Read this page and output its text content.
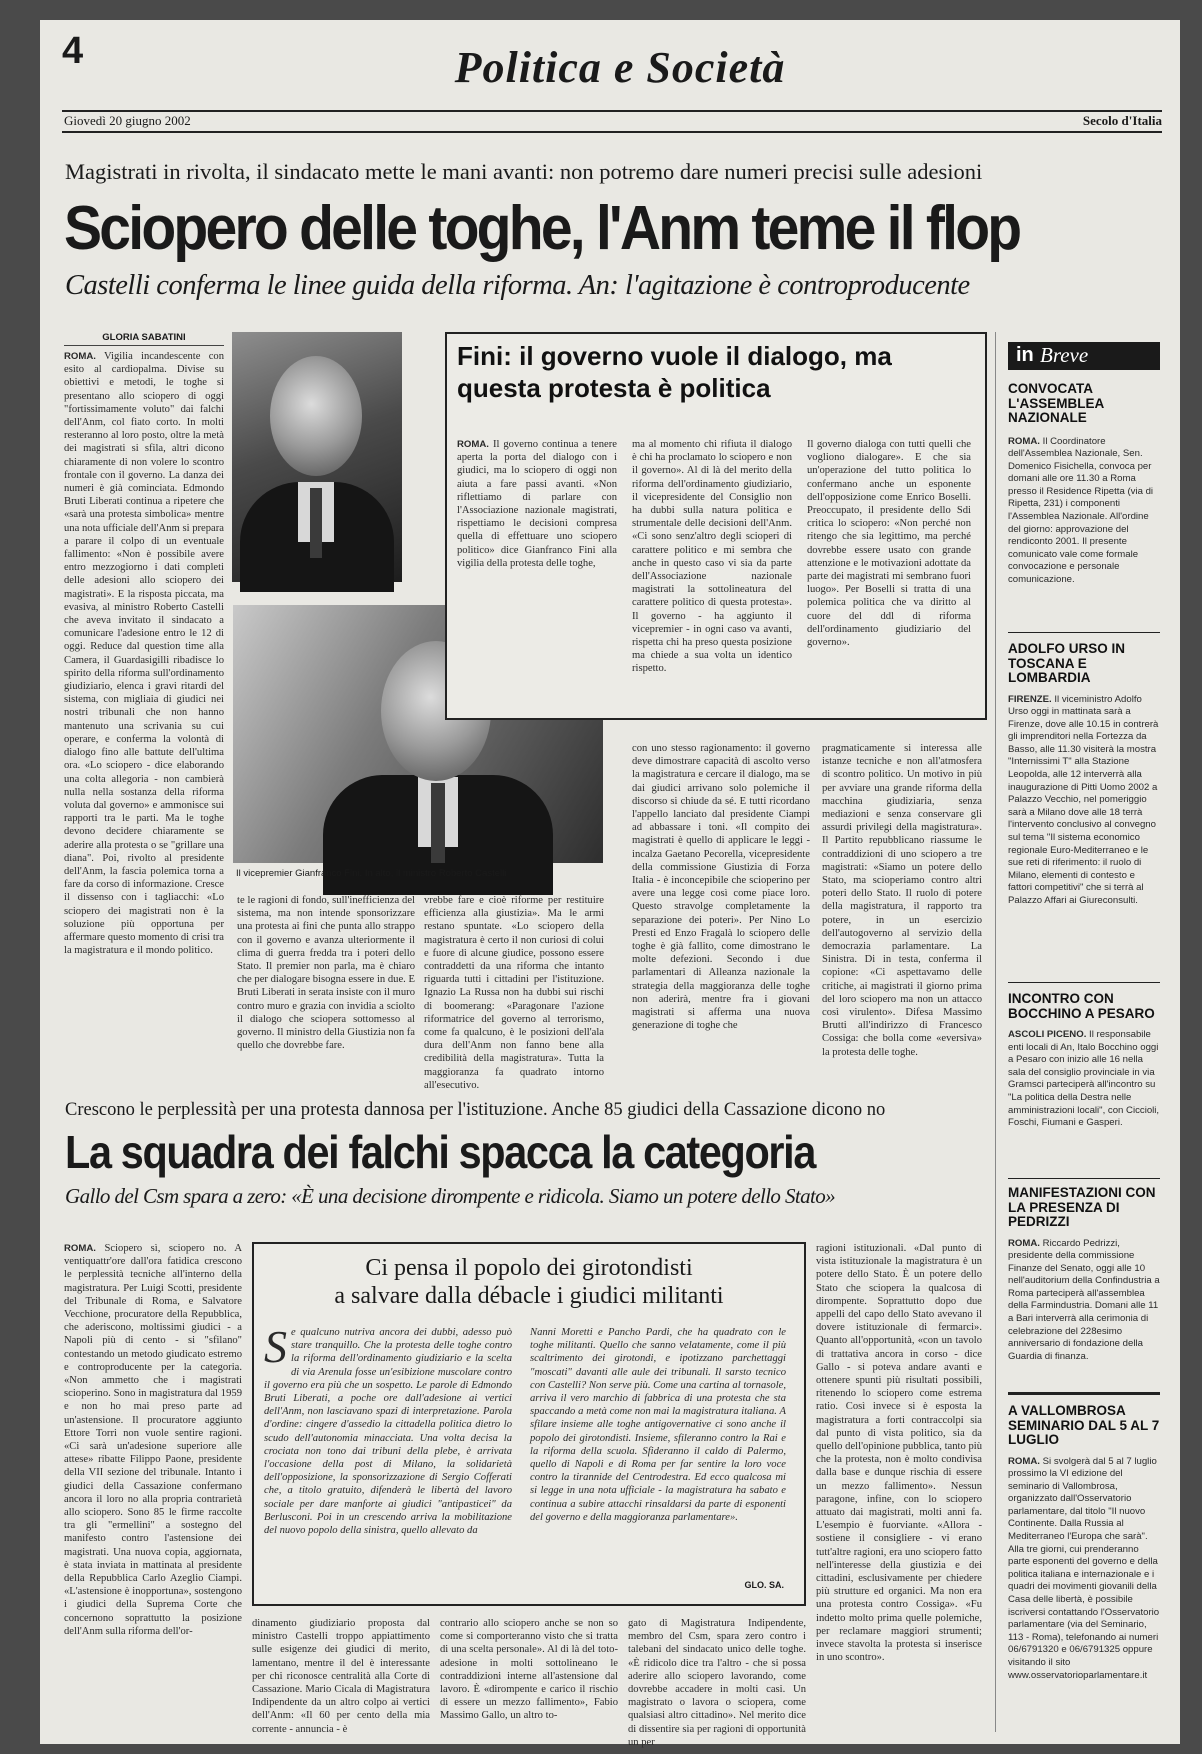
4	Politica e Società
Giovedì 20 giugno 2002	Secolo d'Italia
Magistrati in rivolta, il sindacato mette le mani avanti: non potremo dare numeri precisi sulle adesioni
Sciopero delle toghe, l'Anm teme il flop
Castelli conferma le linee guida della riforma. An: l'agitazione è controproducente
GLORIA SABATINI

ROMA. Vigilia incandescente con esito al cardiopalma. Divise su obiettivi e metodi, le toghe si presentano allo sciopero di oggi "fortissimamente voluto" dai falchi dell'Anm, col fiato corto. In molti resteranno al loro posto, oltre la metà dei magistrati si sfila, altri dicono chiaramente di non volere lo scontro frontale con il governo. La danza dei numeri è già cominciata. Edmondo Bruti Liberati continua a ripetere che «sarà una protesta simbolica» mentre una nota ufficiale dell'Anm si prepara a parare il colpo di un eventuale fallimento: «Non è possibile avere entro mezzogiorno i dati completi delle adesioni allo sciopero dei magistrati». E la risposta piccata, ma evasiva, al ministro Roberto Castelli che aveva invitato il sindacato a comunicare l'adesione entro le 12 di oggi. Reduce dal question time alla Camera, il Guardasigilli ribadisce lo spirito della riforma sull'ordinamento giudiziario, elenca i gravi ritardi del sistema, con migliaia di giudici nei nostri tribunali che non hanno mantenuto una scrivania su cui operare, e conferma la volontà di dialogo fino alle battute dell'ultima ora. «Lo sciopero - dice elaborando una colta allegoria - non cambierà nulla nella sostanza della riforma voluta dal governo» e ammonisce sui rapporti tra le parti. Ma le toghe devono decidere chiaramente se aderire alla protesta o se "grillare una diana". Poi, rivolto al presidente dell'Anm, la fascia polemica torna a fare da corso di informazione. Cresce il dissenso con i tagliacchi: «Lo sciopero dei magistrati non è la soluzione più opportuna per affermare questo momento di crisi tra la magistratura e il mondo politico.

Il vicepremier Gianfranco Fini. In alto, il ministro Roberto Castelli
Fini: il governo vuole il dialogo, ma questa protesta è politica

ROMA. Il governo continua a tenere aperta la porta del dialogo con i giudici, ma lo sciopero di oggi non aiuta a fare passi avanti. «Non riflettiamo di parlare con l'Associazione nazionale magistrati, rispettiamo le decisioni compresa quella di effettuare uno sciopero politico» dice Gianfranco Fini alla vigilia della protesta delle toghe,

ma al momento chi rifiuta il dialogo è chi ha proclamato lo sciopero e non il governo». Al di là del merito della riforma dell'ordinamento giudiziario, il vicepresidente del Consiglio non ha dubbi sulla natura politica e strumentale delle decisioni dell'Anm. «Ci sono senz'altro degli scioperi di carattere politico e mi sembra che anche in questo caso vi sia da parte dell'Associazione nazionale magistrati la sottolineatura del carattere politico di questa protesta». Il governo - ha aggiunto il vicepremier - in ogni caso va avanti, rispetta chi ha preso questa posizione ma chiede a sua volta un identico rispetto.

Il governo dialoga con tutti quelli che vogliono dialogare». E che sia un'operazione del tutto politica lo confermano anche un esponente dell'opposizione come Enrico Boselli. Preoccupato, il presidente dello Sdi critica lo sciopero: «Non perché non ritengo che sia legittimo, ma perché dovrebbe essere usato con grande attenzione e le motivazioni adottate da parte dei magistrati mi sembrano fuori luogo». Per Boselli si tratta di una polemica politica che va diritto al cuore del ddl di riforma dell'ordinamento giudiziario del governo».

te le ragioni di fondo, sull'inefficienza del sistema, ma non intende sponsorizzare una protesta ai fini che punta allo strappo con il governo e avanza ulteriormente il clima di guerra fredda tra i poteri dello Stato. Il premier non parla, ma è chiaro che per dialogare bisogna essere in due. E Bruti Liberati in serata insiste con il muro contro muro e grazia con invidia a sciolto il dialogo che sciopera sottomesso al governo. Il ministro della Giustizia non fa quello che dovrebbe fare.

vrebbe fare e cioè riforme per restituire efficienza alla giustizia». Ma le armi restano spuntate. «Lo sciopero della magistratura è certo il non curiosi di colui e fuore di alcune giudice, possono essere contraddetti da una riforma che intanto riguarda tutti i cittadini per l'istituzione. Ignazio La Russa non ha dubbi sui rischi di boomerang: «Paragonare l'azione riformatrice del governo al terrorismo, come fa qualcuno, è le posizioni dell'ala dura dell'Anm non fanno bene alla credibilità della magistratura». Tutta la maggioranza fa quadrato intorno all'esecutivo.

con uno stesso ragionamento: il governo deve dimostrare capacità di ascolto verso la magistratura e cercare il dialogo, ma se dai giudici arrivano solo polemiche il discorso si chiude da sé. E tutti ricordano l'appello lanciato dal presidente Ciampi ad abbassare i toni. «Il compito dei magistrati è quello di applicare le leggi - incalza Gaetano Pecorella, vicepresidente della commissione Giustizia di Forza Italia - è inconcepibile che scioperino per avere una legge così come piace loro. Questo stravolge completamente la separazione dei poteri». Per Nino Lo Presti ed Enzo Fragalà lo sciopero delle toghe è già fallito, come dimostrano le molte defezioni. Secondo i due parlamentari di Alleanza nazionale la strategia della maggioranza delle toghe non aderirà, mentre fra i giovani magistrati si afferma una nuova generazione di toghe che

pragmaticamente si interessa alle istanze tecniche e non all'atmosfera di scontro politico. Un motivo in più per avviare una grande riforma della macchina giudiziaria, senza mediazioni e senza conservare gli assurdi privilegi della magistratura». Il Partito repubblicano riassume le contraddizioni di uno sciopero a tre magistrati: «Siamo un potere dello Stato, ma scioperiamo contro altri poteri dello Stato. Il ruolo di potere della magistratura, il rapporto tra potere, in un esercizio dell'autogoverno al servizio della democrazia parlamentare. La Sinistra. Di in testa, conferma il copione: «Ci aspettavamo delle critiche, ai magistrati il giorno prima del loro sciopero ma non un attacco così virulento». Difesa Massimo Brutti all'indirizzo di Francesco Cossiga: che bolla come «eversiva» la protesta delle toghe.

Crescono le perplessità per una protesta dannosa per l'istituzione. Anche 85 giudici della Cassazione dicono no
La squadra dei falchi spacca la categoria
Gallo del Csm spara a zero: «È una decisione dirompente e ridicola. Siamo un potere dello Stato»

ROMA. Sciopero sì, sciopero no. A ventiquattr'ore dall'ora fatidica crescono le perplessità tecniche all'interno della magistratura. Per Luigi Scotti, presidente del Tribunale di Roma, e Salvatore Vecchione, procuratore della Repubblica, che aderiscono, moltissimi giudici - a Napoli più di cento - si "sfilano" contestando un metodo giudicato estremo e controproducente per la categoria. «Non ammetto che i magistrati scioperino. Sono in magistratura dal 1959 e non ho mai preso parte ad un'astensione. Il procuratore aggiunto Ettore Torri non vuole sentire ragioni. «Ci sarà un'adesione superiore alle attese» ribatte Filippo Paone, presidente della VII sezione del tribunale. Intanto i giudici della Cassazione confermano ancora il loro no alla propria contrarietà allo sciopero. Sono 85 le firme raccolte tra gli "ermellini" a sostegno del manifesto contro l'astensione dei magistrati. Una nuova copia, aggiornata, è stata inviata in mattinata al presidente della Repubblica Carlo Azeglio Ciampi. «L'astensione è inopportuna», sostengono i giudici della Suprema Corte che concernono soprattutto la posizione dell'Anm sulla riforma dell'or-

dinamento giudiziario proposta dal ministro Castelli troppo appiattimento sulle esigenze dei giudici di merito, lamentano, mentre il del è interessante per chi riconosce centralità alla Corte di Cassazione. Mario Cicala di Magistratura Indipendente da un altro colpo ai vertici dell'Anm: «Il 60 per cento della mia corrente - annuncia - è

contrario allo sciopero anche se non so come si comporteranno visto che si tratta di una scelta personale». Al di là del toto-adesione in molti sottolineano le contraddizioni interne all'astensione dal lavoro. È «dirompente e carico il rischio di essere un mezzo fallimento», Fabio Massimo Gallo, un altro to-

gato di Magistratura Indipendente, membro del Csm, spara zero contro i talebani del sindacato unico delle toghe. «È ridicolo dice tra l'altro - che si possa aderire allo sciopero lavorando, come dovrebbe accadere in molti casi. Un magistrato o lavora o sciopera, come qualsiasi altro cittadino». Nel merito dice di dissentire sia per ragioni di opportunità un per

ragioni istituzionali. «Dal punto di vista istituzionale la magistratura è un potere dello Stato. È un potere dello Stato che sciopera la qualcosa di dirompente. Soprattutto dopo due appelli del capo dello Stato avevano il dovere istituzionale di fermarci». Quanto all'opportunità, «con un tavolo di trattativa ancora in corso - dice Gallo - si poteva andare avanti e ottenere spunti più risultati possibili, ritenendo lo sciopero come estrema ratio. Così invece si è esposta la magistratura a forti contraccolpi sia dal punto di vista politico, sia da quello dell'opinione pubblica, tanto più che la protesta, non è molto condivisa dalla base e dunque rischia di essere un mezzo fallimento». Nessun paragone, infine, con lo sciopero attuato dai magistrati, molti anni fa. L'esempio è fuorviante. «Allora - sostiene il consigliere - vi erano tutt'altre ragioni, era uno sciopero fatto nell'interesse della giustizia e dei cittadini, esclusivamente per chiedere più strutture ed organici. Ma non era una protesta contro Cossiga». «Fu indetto molto prima quelle polemiche, per reclamare maggiori strumenti; invece stavolta la protesta si inserisce in uno scontro».

Ci pensa il popolo dei girotondisti
a salvare dalla débacle i giudici militanti

Se qualcuno nutriva ancora dei dubbi, adesso può stare tranquillo. Che la protesta delle toghe contro la riforma dell'ordinamento giudiziario e la scelta di via Arenula fosse un'esibizione muscolare contro il governo era più che un sospetto. Le parole di Edmondo Bruti Liberati, a poche ore dall'adesione ai vertici dell'Anm, non lasciavano spazi di interpretazione. Parola d'ordine: cingere d'assedio la cittadella politica dietro lo scudo dell'autonomia minacciata. Una volta decisa la crociata non tono dai tribuni della plebe, è arrivata l'occasione della post di Milano, la solidarietà dell'opposizione, la sponsorizzazione di Sergio Cofferati che, a titolo gratuito, difenderà le libertà del lavoro sociale per dare manforte ai giudici "antipasticei" da Berlusconi. Poi in un crescendo arriva la mobilitazione del nuovo popolo della sinistra, quello allevato da

Nanni Moretti e Pancho Pardi, che ha quadrato con le toghe militanti. Quello che sanno velatamente, come il più scaltrimento dei girotondi, e ipotizzano parchettaggi "moscati" davanti alle aule dei tribunali. Il sarsto tecnico con Castelli? Non serve più. Come una cartina al tornasole, arriva il vero marchio di fabbrica di una protesta che sta spaccando a metà come non mai la magistratura italiana. A sfilare insieme alle toghe antigovernative ci sono anche il popolo dei girotondisti. Insieme, sfileranno contro la Rai e la riforma della scuola. Sfideranno il caldo di Palermo, quello di Napoli e di Roma per far sentire la loro voce contro la tirannide del Centrodestra. Ed ecco qualcosa mi si legge in una nota ufficiale - la magistratura ha sabato e continua a subire attacchi rinsaldarsi da parte di esponenti del governo e della maggioranza parlamentare».

GLO. SA.
in Breve

CONVOCATA L'ASSEMBLEA NAZIONALE

ROMA. Il Coordinatore dell'Assemblea Nazionale, Sen. Domenico Fisichella, convoca per domani alle ore 11.30 a Roma presso il Residence Ripetta (via di Ripetta, 231) i componenti l'Assemblea Nazionale. All'ordine del giorno: approvazione del rendiconto 2001. Il presente comunicato vale come formale convocazione e personale comunicazione.

ADOLFO URSO IN TOSCANA E LOMBARDIA

FIRENZE. Il viceministro Adolfo Urso oggi in mattinata sarà a Firenze, dove alle 10.15 in contrerà gli imprenditori nella Fortezza da Basso, alle 11.30 visiterà la mostra "Internissimi T" alla Stazione Leopolda, alle 12 interverrà alla inaugurazione di Pitti Uomo 2002 a Palazzo Vecchio, nel pomeriggio sarà a Milano dove alle 18 terrà l'intervento conclusivo al convegno sul tema "Il sistema economico regionale Euro-Mediterraneo e le sue reti di riferimento: il ruolo di Milano, elementi di contesto e fattori competitivi" che si terrà al Palazzo Affari ai Giureconsulti.

INCONTRO CON BOCCHINO A PESARO

ASCOLI PICENO. Il responsabile enti locali di An, Italo Bocchino oggi a Pesaro con inizio alle 16 nella sala del consiglio provinciale in via Gramsci parteciperà all'incontro su "La politica della Destra nelle amministrazioni locali", con Ciccioli, Foschi, Fiumani e Gasperi.

MANIFESTAZIONI CON LA PRESENZA DI PEDRIZZI

ROMA. Riccardo Pedrizzi, presidente della commissione Finanze del Senato, oggi alle 10 nell'auditorium della Confindustria a Roma parteciperà all'assemblea della Farmindustria. Domani alle 11 a Bari interverrà alla cerimonia di celebrazione del 228esimo anniversario di fondazione della Guardia di finanza.

A VALLOMBROSA SEMINARIO DAL 5 AL 7 LUGLIO

ROMA. Si svolgerà dal 5 al 7 luglio prossimo la VI edizione del seminario di Vallombrosa, organizzato dall'Osservatorio parlamentare, dal titolo "Il nuovo Continente. Dalla Russia al Mediterraneo l'Europa che sarà". Alla tre giorni, cui prenderanno parte esponenti del governo e della politica italiana e internazionale e i quadri dei movimenti giovanili della Casa delle libertà, è possibile iscriversi contattando l'Osservatorio parlamentare (via del Seminario, 113 - Roma), telefonando ai numeri 06/6791320 e 06/6791325 oppure visitando il sito www.osservatorioparlamentare.it
